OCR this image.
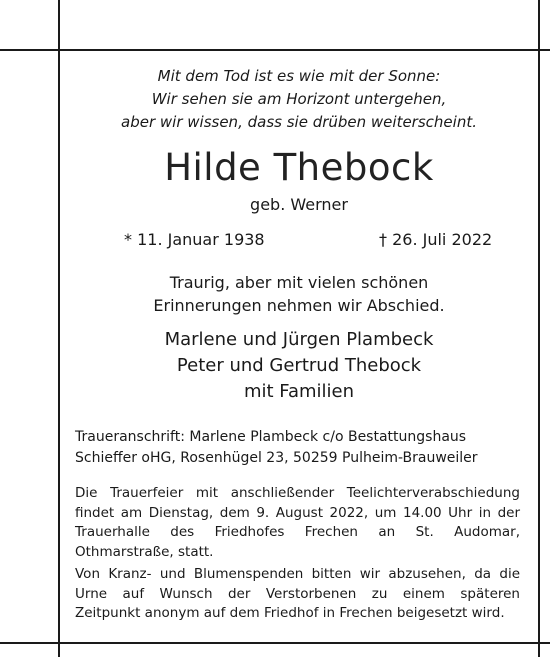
Mit dem Tod ist es wie mit der Sonne:
Wir sehen sie am Horizont untergehen,
aber wir wissen, dass sie drüben weiterscheint.
Hilde Thebock
geb. Werner
* 11. Januar 1938	† 26. Juli 2022
Traurig, aber mit vielen schönen
Erinnerungen nehmen wir Abschied.
Marlene und Jürgen Plambeck
Peter und Gertrud Thebock
mit Familien
Traueranschrift: Marlene Plambeck c/o Bestattungshaus
Schieffer oHG, Rosenhügel 23, 50259 Pulheim-Brauweiler
Die Trauerfeier mit anschließender Teelichterverabschiedung
findet am Dienstag, dem 9. August 2022, um 14.00 Uhr in der
Trauerhalle des Friedhofes Frechen an St. Audomar,
Othmarstraße, statt.
Von Kranz- und Blumenspenden bitten wir abzusehen, da die
Urne auf Wunsch der Verstorbenen zu einem späteren
Zeitpunkt anonym auf dem Friedhof in Frechen beigesetzt wird.
